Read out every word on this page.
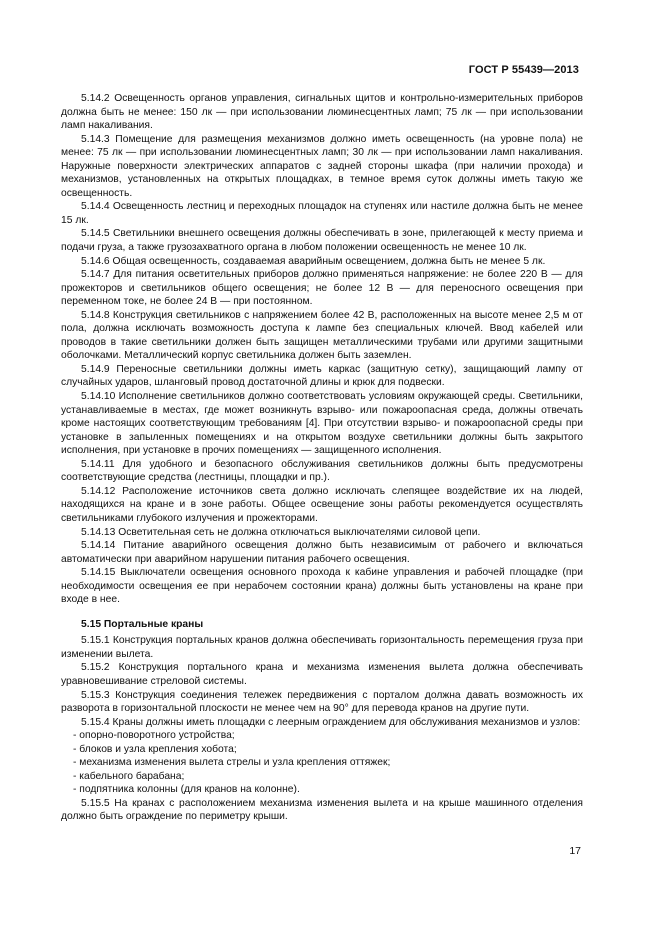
ГОСТ Р 55439—2013

5.14.2 Освещенность органов управления, сигнальных щитов и контрольно-измерительных приборов должна быть не менее: 150 лк — при использовании люминесцентных ламп; 75 лк — при использовании ламп накаливания.

5.14.3 Помещение для размещения механизмов должно иметь освещенность (на уровне пола) не менее: 75 лк — при использовании люминесцентных ламп; 30 лк — при использовании ламп накаливания. Наружные поверхности электрических аппаратов с задней стороны шкафа (при наличии прохода) и механизмов, установленных на открытых площадках, в темное время суток должны иметь такую же освещенность.

5.14.4 Освещенность лестниц и переходных площадок на ступенях или настиле должна быть не менее 15 лк.

5.14.5 Светильники внешнего освещения должны обеспечивать в зоне, прилегающей к месту приема и подачи груза, а также грузозахватного органа в любом положении освещенность не менее 10 лк.

5.14.6 Общая освещенность, создаваемая аварийным освещением, должна быть не менее 5 лк.

5.14.7 Для питания осветительных приборов должно применяться напряжение: не более 220 В — для прожекторов и светильников общего освещения; не более 12 В — для переносного освещения при переменном токе, не более 24 В — при постоянном.

5.14.8 Конструкция светильников с напряжением более 42 В, расположенных на высоте менее 2,5 м от пола, должна исключать возможность доступа к лампе без специальных ключей. Ввод кабелей или проводов в такие светильники должен быть защищен металлическими трубами или другими защитными оболочками. Металлический корпус светильника должен быть заземлен.

5.14.9 Переносные светильники должны иметь каркас (защитную сетку), защищающий лампу от случайных ударов, шланговый провод достаточной длины и крюк для подвески.

5.14.10 Исполнение светильников должно соответствовать условиям окружающей среды. Светильники, устанавливаемые в местах, где может возникнуть взрыво- или пожароопасная среда, должны отвечать кроме настоящих соответствующим требованиям [4]. При отсутствии взрыво- и пожароопасной среды при установке в запыленных помещениях и на открытом воздухе светильники должны быть закрытого исполнения, при установке в прочих помещениях — защищенного исполнения.

5.14.11 Для удобного и безопасного обслуживания светильников должны быть предусмотрены соответствующие средства (лестницы, площадки и пр.).

5.14.12 Расположение источников света должно исключать слепящее воздействие их на людей, находящихся на кране и в зоне работы. Общее освещение зоны работы рекомендуется осуществлять светильниками глубокого излучения и прожекторами.

5.14.13 Осветительная сеть не должна отключаться выключателями силовой цепи.

5.14.14 Питание аварийного освещения должно быть независимым от рабочего и включаться автоматически при аварийном нарушении питания рабочего освещения.

5.14.15 Выключатели освещения основного прохода к кабине управления и рабочей площадке (при необходимости освещения ее при нерабочем состоянии крана) должны быть установлены на кране при входе в нее.

5.15 Портальные краны

5.15.1 Конструкция портальных кранов должна обеспечивать горизонтальность перемещения груза при изменении вылета.

5.15.2 Конструкция портального крана и механизма изменения вылета должна обеспечивать уравновешивание стреловой системы.

5.15.3 Конструкция соединения тележек передвижения с порталом должна давать возможность их разворота в горизонтальной плоскости не менее чем на 90° для перевода кранов на другие пути.

5.15.4 Краны должны иметь площадки с леерным ограждением для обслуживания механизмов и узлов:

- опорно-поворотного устройства;

- блоков и узла крепления хобота;

- механизма изменения вылета стрелы и узла крепления оттяжек;

- кабельного барабана;

- подпятника колонны (для кранов на колонне).

5.15.5 На кранах с расположением механизма изменения вылета и на крыше машинного отделения должно быть ограждение по периметру крыши.

17
